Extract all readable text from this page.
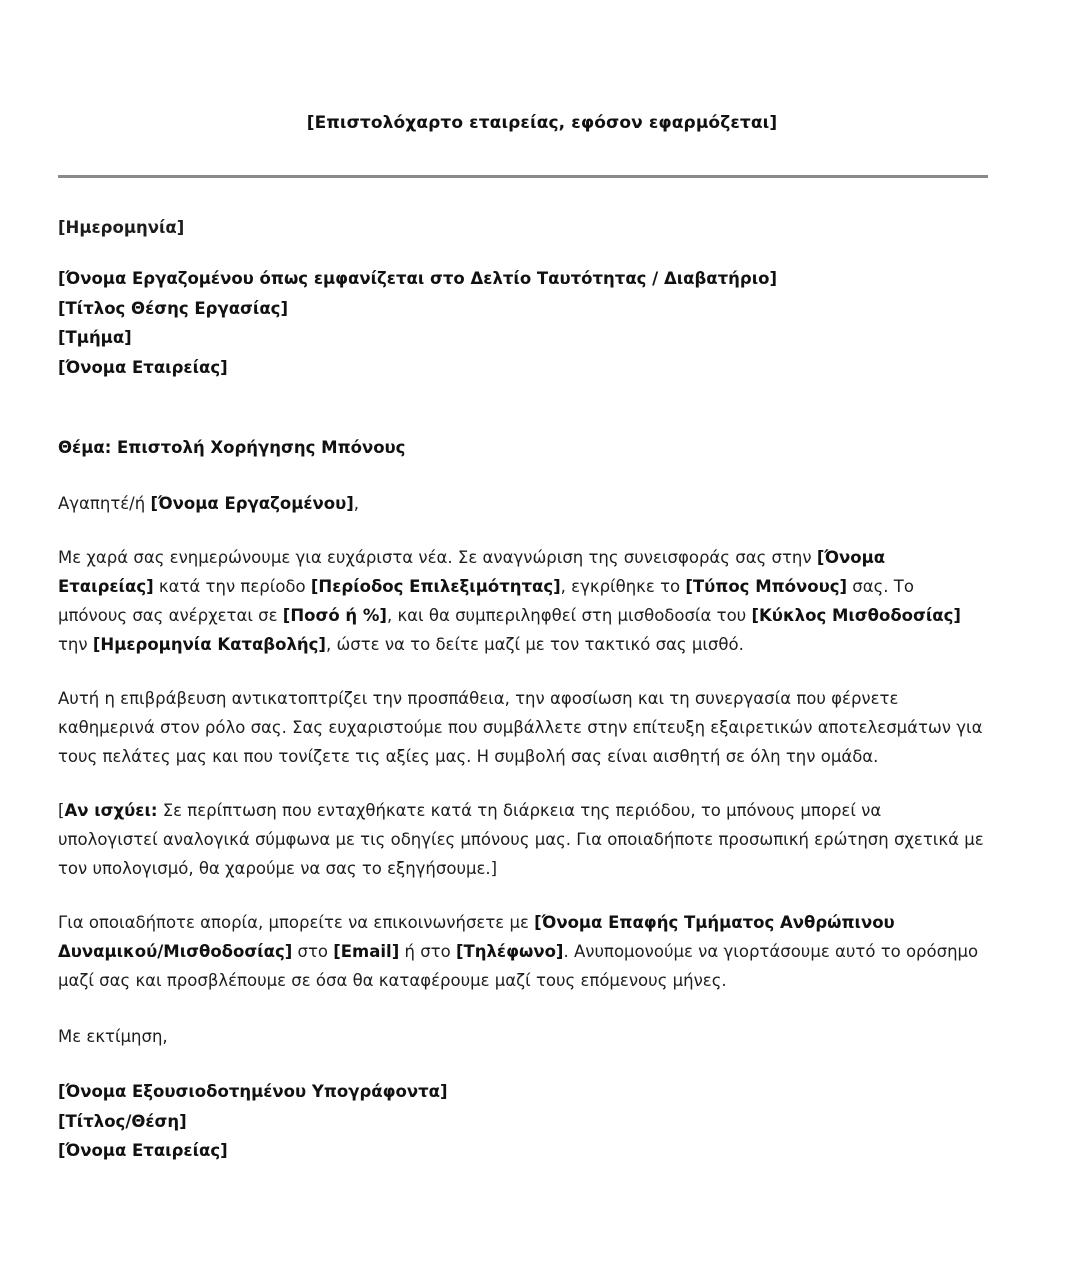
[Επιστολόχαρτο εταιρείας, εφόσον εφαρμόζεται]

[Ημερομηνία]

[Όνομα Εργαζομένου όπως εμφανίζεται στο Δελτίο Ταυτότητας / Διαβατήριο]
[Τίτλος Θέσης Εργασίας]
[Τμήμα]
[Όνομα Εταιρείας]

Θέμα: Επιστολή Χορήγησης Μπόνους

Αγαπητέ/ή [Όνομα Εργαζομένου],

Με χαρά σας ενημερώνουμε για ευχάριστα νέα. Σε αναγνώριση της συνεισφοράς σας στην [Όνομα Εταιρείας] κατά την περίοδο [Περίοδος Επιλεξιμότητας], εγκρίθηκε το [Τύπος Μπόνους] σας. Το μπόνους σας ανέρχεται σε [Ποσό ή %], και θα συμπεριληφθεί στη μισθοδοσία του [Κύκλος Μισθοδοσίας] την [Ημερομηνία Καταβολής], ώστε να το δείτε μαζί με τον τακτικό σας μισθό.

Αυτή η επιβράβευση αντικατοπτρίζει την προσπάθεια, την αφοσίωση και τη συνεργασία που φέρνετε καθημερινά στον ρόλο σας. Σας ευχαριστούμε που συμβάλλετε στην επίτευξη εξαιρετικών αποτελεσμάτων για τους πελάτες μας και που τονίζετε τις αξίες μας. Η συμβολή σας είναι αισθητή σε όλη την ομάδα.

[Αν ισχύει: Σε περίπτωση που ενταχθήκατε κατά τη διάρκεια της περιόδου, το μπόνους μπορεί να υπολογιστεί αναλογικά σύμφωνα με τις οδηγίες μπόνους μας. Για οποιαδήποτε προσωπική ερώτηση σχετικά με τον υπολογισμό, θα χαρούμε να σας το εξηγήσουμε.]

Για οποιαδήποτε απορία, μπορείτε να επικοινωνήσετε με [Όνομα Επαφής Τμήματος Ανθρώπινου Δυναμικού/Μισθοδοσίας] στο [Email] ή στο [Τηλέφωνο]. Ανυπομονούμε να γιορτάσουμε αυτό το ορόσημο μαζί σας και προσβλέπουμε σε όσα θα καταφέρουμε μαζί τους επόμενους μήνες.

Με εκτίμηση,

[Όνομα Εξουσιοδοτημένου Υπογράφοντα]
[Τίτλος/Θέση]
[Όνομα Εταιρείας]
